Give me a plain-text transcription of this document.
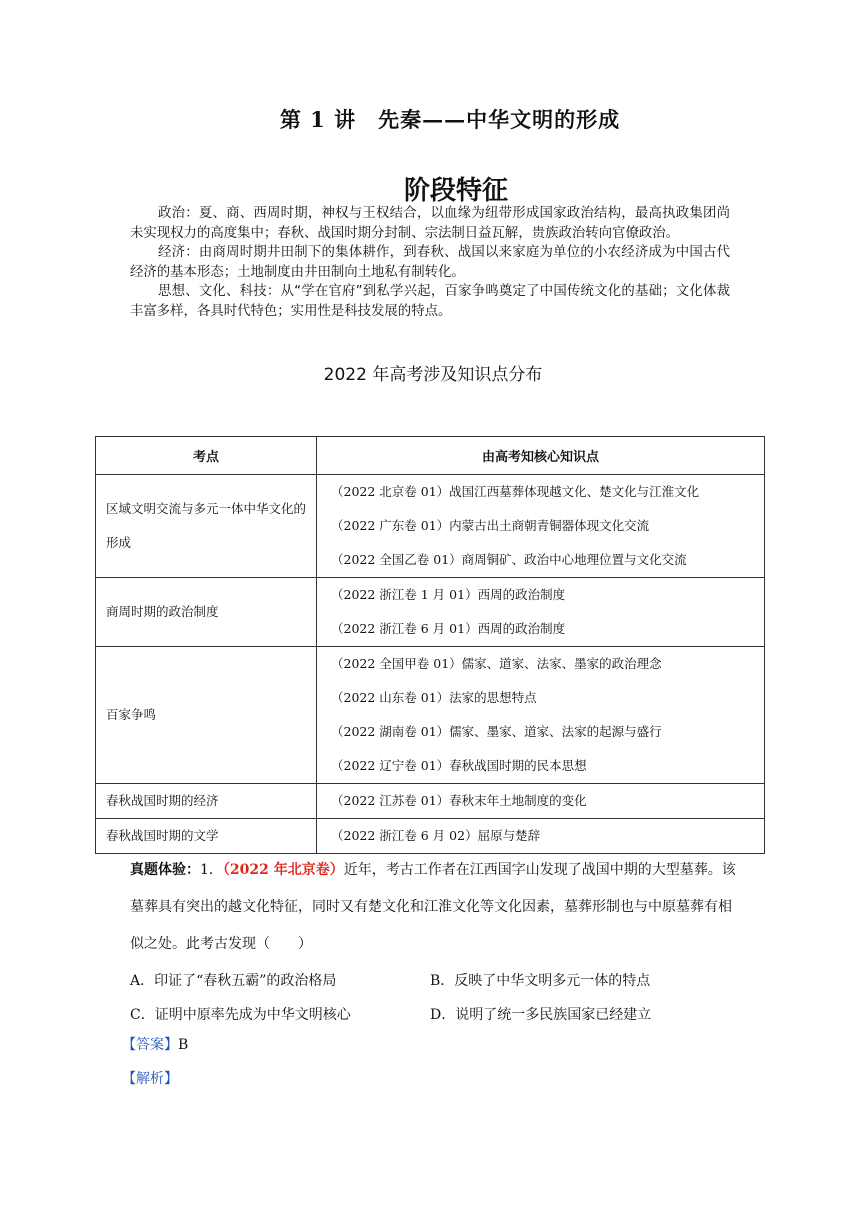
第 1 讲　先秦——中华文明的形成
阶段特征

政治：夏、商、西周时期，神权与王权结合，以血缘为纽带形成国家政治结构，最高执政集团尚未实现权力的高度集中；春秋、战国时期分封制、宗法制日益瓦解，贵族政治转向官僚政治。

经济：由商周时期井田制下的集体耕作，到春秋、战国以来家庭为单位的小农经济成为中国古代经济的基本形态；土地制度由井田制向土地私有制转化。

思想、文化、科技：从“学在官府”到私学兴起，百家争鸣奠定了中国传统文化的基础；文化体裁丰富多样，各具时代特色；实用性是科技发展的特点。

2022 年高考涉及知识点分布
考点	由高考知核心知识点
区域文明交流与多元一体中华文化的形成	（2022 北京卷 01）战国江西墓葬体现越文化、楚文化与江淮文化
（2022 广东卷 01）内蒙古出土商朝青铜器体现文化交流
（2022 全国乙卷 01）商周铜矿、政治中心地理位置与文化交流

商周时期的政治制度	（2022 浙江卷 1 月 01）西周的政治制度
（2022 浙江卷 6 月 01）西周的政治制度

百家争鸣	（2022 全国甲卷 01）儒家、道家、法家、墨家的政治理念
（2022 山东卷 01）法家的思想特点
（2022 湖南卷 01）儒家、墨家、道家、法家的起源与盛行
（2022 辽宁卷 01）春秋战国时期的民本思想

春秋战国时期的经济	（2022 江苏卷 01）春秋末年土地制度的变化

春秋战国时期的文学	（2022 浙江卷 6 月 02）屈原与楚辞
真题体验：1．（2022 年北京卷）近年，考古工作者在江西国字山发现了战国中期的大型墓葬。该墓葬具有突出的越文化特征，同时又有楚文化和江淮文化等文化因素，墓葬形制也与中原墓葬有相似之处。此考古发现（　　）
A．印证了“春秋五霸”的政治格局	B．反映了中华文明多元一体的特点
C．证明中原率先成为中华文明核心	D．说明了统一多民族国家已经建立
【答案】B
【解析】
